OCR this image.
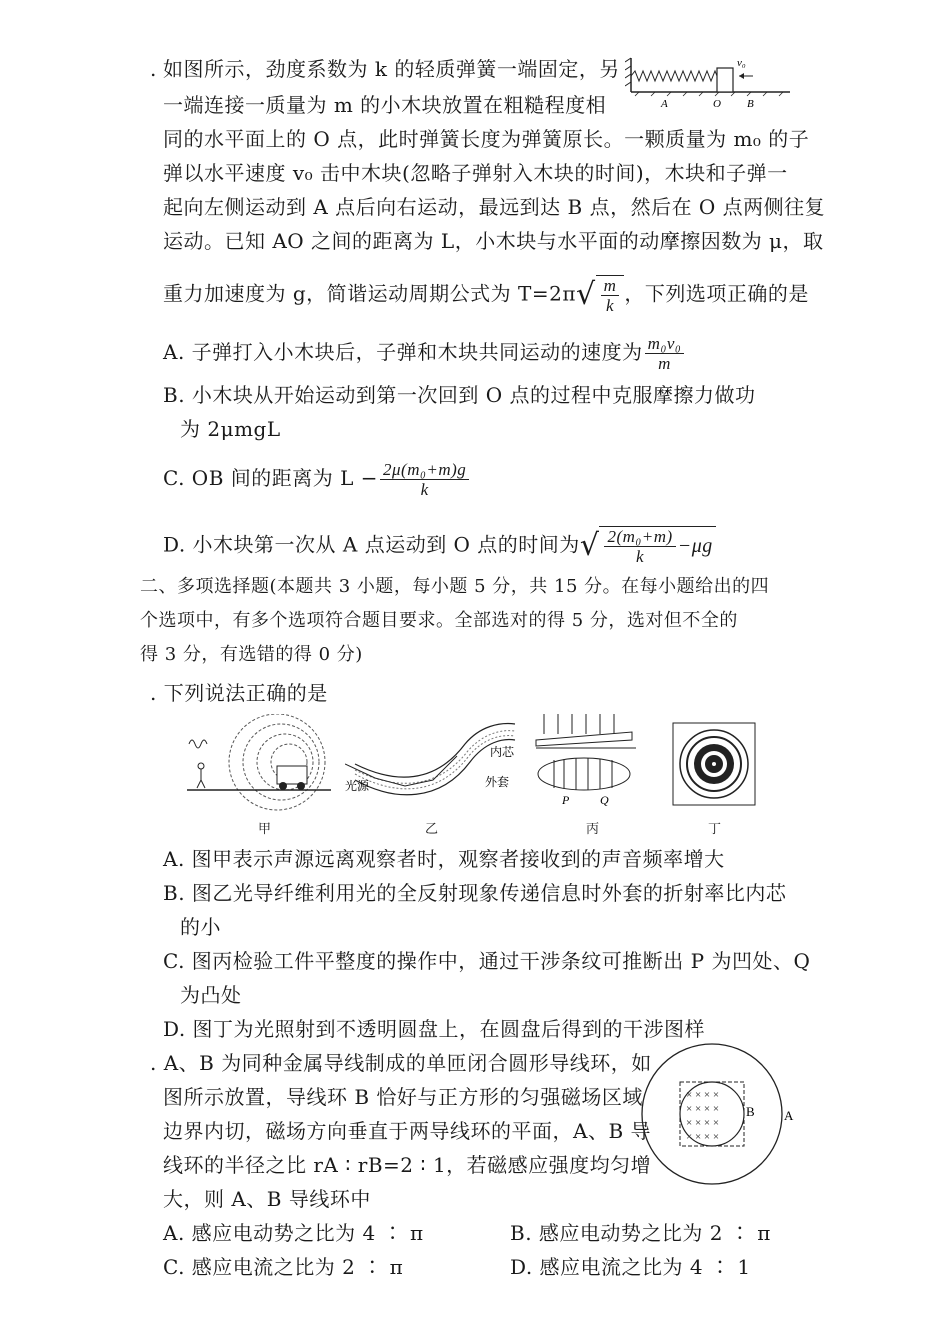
. 如图所示，劲度系数为 k 的轻质弹簧一端固定，另
一端连接一质量为 m 的小木块放置在粗糙程度相
同的水平面上的 O 点，此时弹簧长度为弹簧原长。一颗质量为 m₀ 的子
弹以水平速度 v₀ 击中木块(忽略子弹射入木块的时间)，木块和子弹一
起向左侧运动到 A 点后向右运动，最远到达 B 点，然后在 O 点两侧往复
运动。已知 AO 之间的距离为 L，小木块与水平面的动摩擦因数为 μ，取
重力加速度为 g，简谐运动周期公式为 $T=2\pi√ \frac{m}{k}$ ，下列选项正确的是
v₀
A	O B
A. 子弹打入小木块后，子弹和木块共同运动的速度为 $\frac{\text{m₀v₀}}{m}$
B. 小木块从开始运动到第一次回到 O 点的过程中克服摩擦力做功
为 2μmgL
C. OB 间的距离为 $L - \frac{\text{2μ(m₀+m)g}}{k}$
D. 小木块第一次从 A 点运动到 O 点的时间为√ $\frac{\text{2(m₀+m)}}{k} -\mu g$
二、多项选择题(本题共 3 小题，每小题 5 分，共 15 分。在每小题给出的四
个选项中，有多个选项符合题目要求。全部选对的得 5 分，选对但不全的
得 3 分，有选错的得 0 分)
. 下列说法正确的是
光源
内芯
外套
P	Q
甲	乙	丙	丁
A. 图甲表示声源远离观察者时，观察者接收到的声音频率增大
B. 图乙光导纤维利用光的全反射现象传递信息时外套的折射率比内芯
的小
C. 图丙检验工件平整度的操作中，通过干涉条纹可推断出 P 为凹处、Q
为凸处
D. 图丁为光照射到不透明圆盘上，在圆盘后得到的干涉图样
. A、B 为同种金属导线制成的单匝闭合圆形导线环，如
图所示放置，导线环 B 恰好与正方形的匀强磁场区域
边界内切，磁场方向垂直于两导线环的平面，A、B 导
线环的半径之比 rA ∶ rB=2 ∶ 1，若磁感应强度均匀增
大，则 A、B 导线环中
× × × ×
× × × ×
× × × ×
× × × ×
B A
A. 感应电动势之比为 4 ∶ π	B. 感应电动势之比为 2 ∶ π
C. 感应电流之比为 2 ∶ π	D. 感应电流之比为 4 ∶ 1
